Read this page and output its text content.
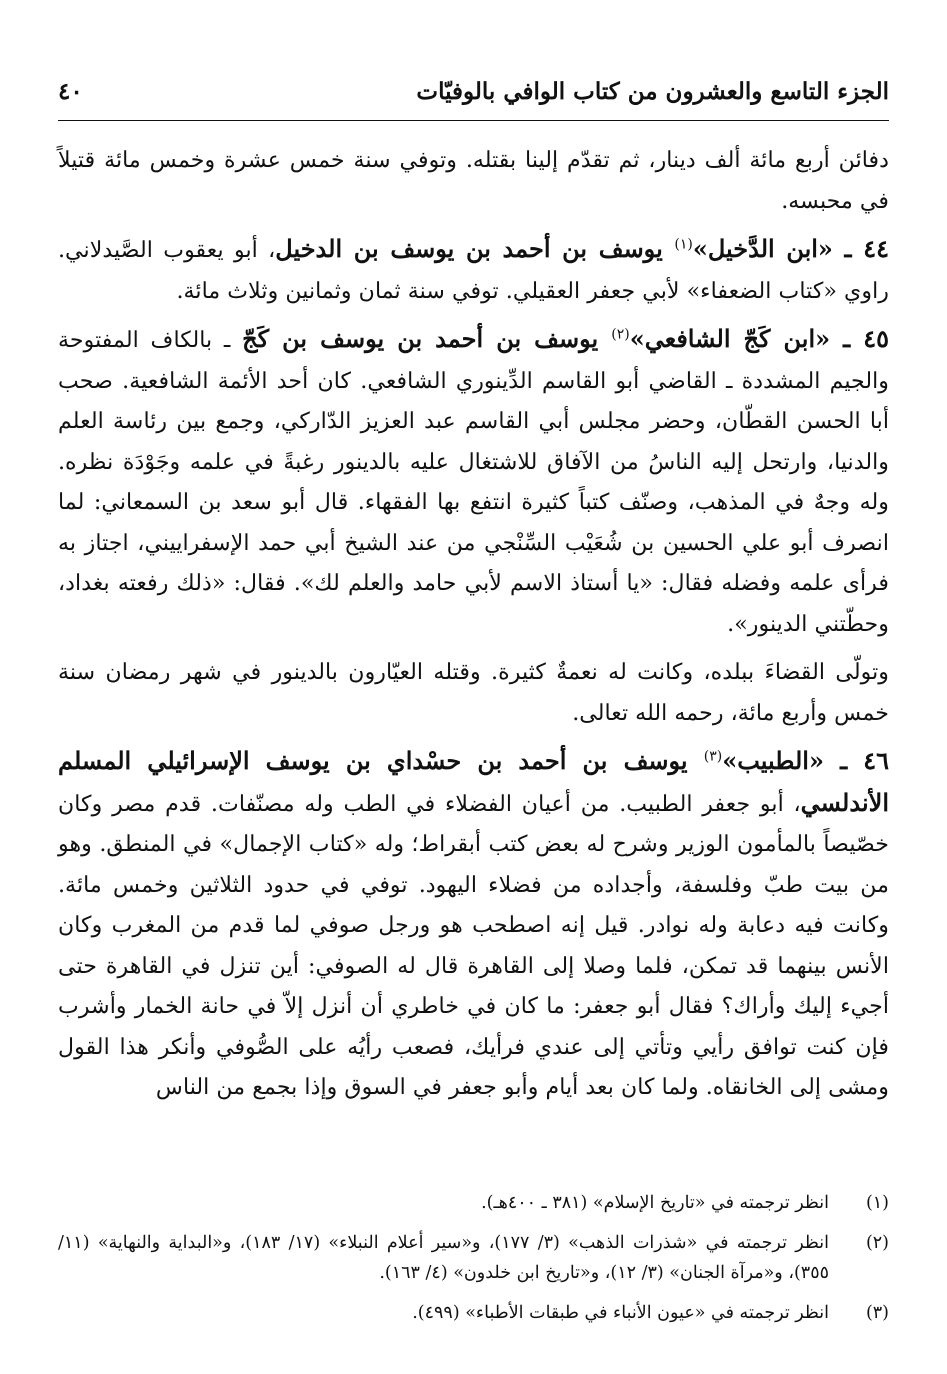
الجزء التاسع والعشرون من كتاب الوافي بالوفيّات
٤٠

دفائن أربع مائة ألف دينار، ثم تقدّم إلينا بقتله. وتوفي سنة خمس عشرة وخمس مائة قتيلاً في محبسه.

٤٤ ـ «ابن الدَّخيل»$^{(١)}$ يوسف بن أحمد بن يوسف بن الدخيل، أبو يعقوب الصَّيدلاني. راوي «كتاب الضعفاء» لأبي جعفر العقيلي. توفي سنة ثمان وثمانين وثلاث مائة.

٤٥ ـ «ابن كَجّ الشافعي»$^{(٢)}$ يوسف بن أحمد بن يوسف بن كَجّ ـ بالكاف المفتوحة والجيم المشددة ـ القاضي أبو القاسم الدِّينوري الشافعي. كان أحد الأئمة الشافعية. صحب أبا الحسن القطّان، وحضر مجلس أبي القاسم عبد العزيز الدّاركي، وجمع بين رئاسة العلم والدنيا، وارتحل إليه الناسُ من الآفاق للاشتغال عليه بالدينور رغبةً في علمه وجَوْدَة نظره. وله وجهٌ في المذهب، وصنّف كتباً كثيرة انتفع بها الفقهاء. قال أبو سعد بن السمعاني: لما انصرف أبو علي الحسين بن شُعَيْب السِّنْجي من عند الشيخ أبي حمد الإسفراييني، اجتاز به فرأى علمه وفضله فقال: «يا أستاذ الاسم لأبي حامد والعلم لك». فقال: «ذلك رفعته بغداد، وحطّتني الدينور».

وتولّى القضاءَ ببلده، وكانت له نعمةٌ كثيرة. وقتله العيّارون بالدينور في شهر رمضان سنة خمس وأربع مائة، رحمه الله تعالى.

٤٦ ـ «الطبيب»$^{(٣)}$ يوسف بن أحمد بن حسْداي بن يوسف الإسرائيلي المسلم الأندلسي، أبو جعفر الطبيب. من أعيان الفضلاء في الطب وله مصنّفات. قدم مصر وكان خصّيصاً بالمأمون الوزير وشرح له بعض كتب أبقراط؛ وله «كتاب الإجمال» في المنطق. وهو من بيت طبّ وفلسفة، وأجداده من فضلاء اليهود. توفي في حدود الثلاثين وخمس مائة. وكانت فيه دعابة وله نوادر. قيل إنه اصطحب هو ورجل صوفي لما قدم من المغرب وكان الأنس بينهما قد تمكن، فلما وصلا إلى القاهرة قال له الصوفي: أين تنزل في القاهرة حتى أجيء إليك وأراك؟ فقال أبو جعفر: ما كان في خاطري أن أنزل إلاّ في حانة الخمار وأشرب فإن كنت توافق رأيي وتأتي إلى عندي فرأيك، فصعب رأيُه على الصُّوفي وأنكر هذا القول ومشى إلى الخانقاه. ولما كان بعد أيام وأبو جعفر في السوق وإذا بجمع من الناس

(١)
انظر ترجمته في «تاريخ الإسلام» (٣٨١ ـ ٤٠٠هـ).
(٢)
انظر ترجمته في «شذرات الذهب» (٣/ ١٧٧)، و«سير أعلام النبلاء» (١٧/ ١٨٣)، و«البداية والنهاية» (١١/ ٣٥٥)، و«مرآة الجنان» (٣/ ١٢)، و«تاريخ ابن خلدون» (٤/ ١٦٣).
(٣)
انظر ترجمته في «عيون الأنباء في طبقات الأطباء» (٤٩٩).
